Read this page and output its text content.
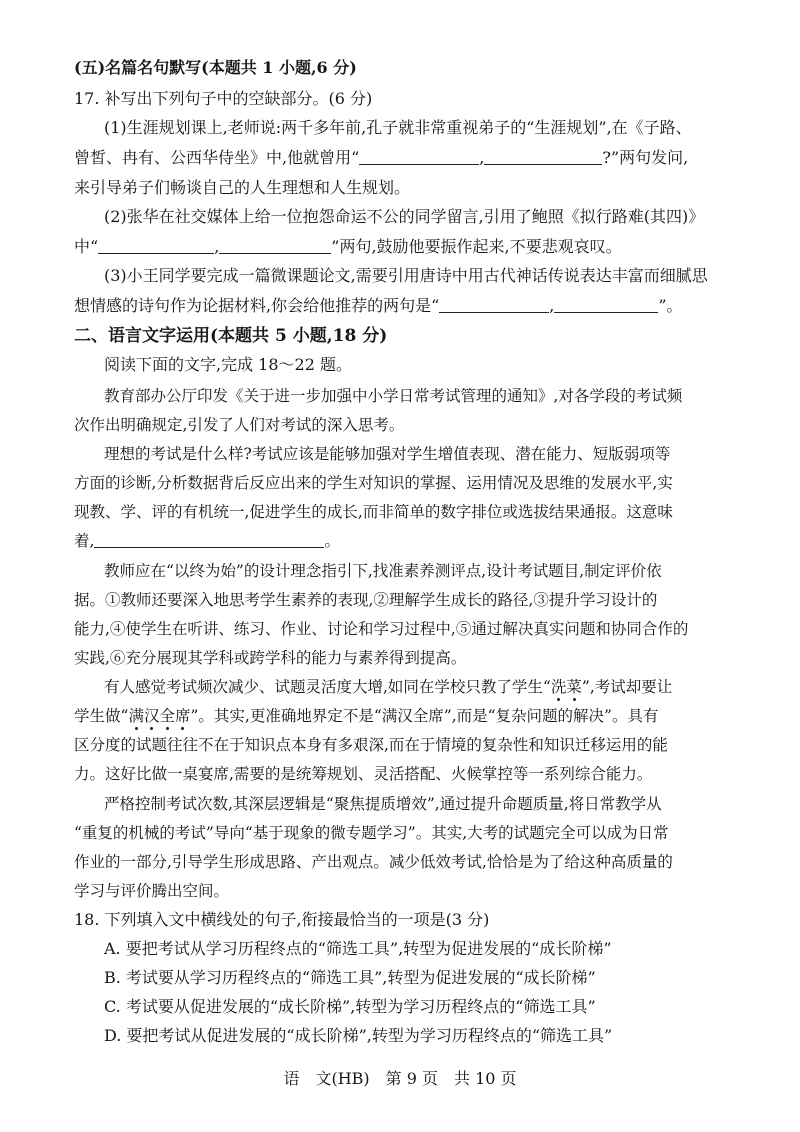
(五)名篇名句默写(本题共 1 小题,6 分)
17. 补写出下列句子中的空缺部分。(6 分)
(1)生涯规划课上,老师说:两千多年前,孔子就非常重视弟子的“生涯规划”,在《子路、
曾皙、冉有、公西华侍坐》中,他就曾用“	,	?”两句发问,
来引导弟子们畅谈自己的人生理想和人生规划。
(2)张华在社交媒体上给一位抱怨命运不公的同学留言,引用了鲍照《拟行路难(其四)》
中“	,	”两句,鼓励他要振作起来,不要悲观哀叹。
(3)小王同学要完成一篇微课题论文,需要引用唐诗中用古代神话传说表达丰富而细腻思
想情感的诗句作为论据材料,你会给他推荐的两句是“	,	”。
二、语言文字运用(本题共 5 小题,18 分)
阅读下面的文字,完成 18～22 题。
教育部办公厅印发《关于进一步加强中小学日常考试管理的通知》,对各学段的考试频
次作出明确规定,引发了人们对考试的深入思考。
理想的考试是什么样?考试应该是能够加强对学生增值表现、潜在能力、短版弱项等
方面的诊断,分析数据背后反应出来的学生对知识的掌握、运用情况及思维的发展水平,实
现教、学、评的有机统一,促进学生的成长,而非简单的数字排位或选拔结果通报。这意味
着,	。
教师应在“以终为始”的设计理念指引下,找准素养测评点,设计考试题目,制定评价依
据。①教师还要深入地思考学生素养的表现,②理解学生成长的路径,③提升学习设计的
能力,④使学生在听讲、练习、作业、讨论和学习过程中,⑤通过解决真实问题和协同合作的
实践,⑥充分展现其学科或跨学科的能力与素养得到提高。
有人感觉考试频次减少、试题灵活度大增,如同在学校只教了学生“洗菜”,考试却要让
学生做“满汉全席”。其实,更准确地界定不是“满汉全席”,而是“复杂问题的解决”。具有
区分度的试题往往不在于知识点本身有多艰深,而在于情境的复杂性和知识迁移运用的能
力。这好比做一桌宴席,需要的是统筹规划、灵活搭配、火候掌控等一系列综合能力。
严格控制考试次数,其深层逻辑是“聚焦提质增效”,通过提升命题质量,将日常教学从
“重复的机械的考试”导向“基于现象的微专题学习”。其实,大考的试题完全可以成为日常
作业的一部分,引导学生形成思路、产出观点。减少低效考试,恰恰是为了给这种高质量的
学习与评价腾出空间。
18. 下列填入文中横线处的句子,衔接最恰当的一项是(3 分)
A. 要把考试从学习历程终点的“筛选工具”,转型为促进发展的“成长阶梯”
B. 考试要从学习历程终点的“筛选工具”,转型为促进发展的“成长阶梯”
C. 考试要从促进发展的“成长阶梯”,转型为学习历程终点的“筛选工具”
D. 要把考试从促进发展的“成长阶梯”,转型为学习历程终点的“筛选工具”
语　文(HB)　第 9 页　共 10 页
